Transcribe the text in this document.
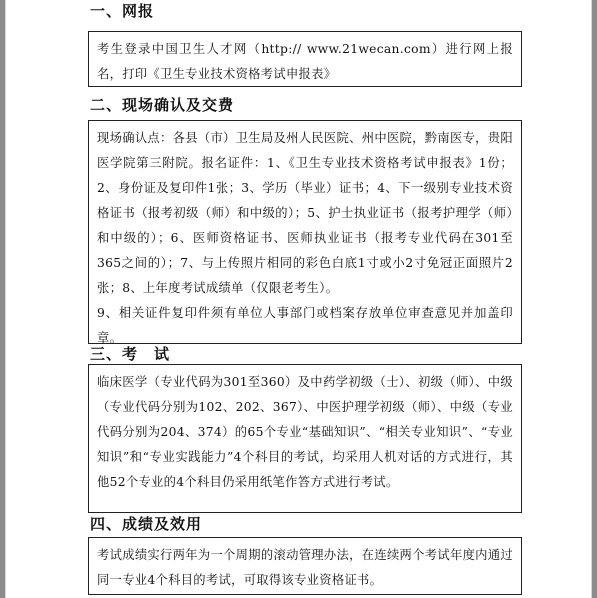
一、网报

考生登录中国卫生人才网（http:// www.21wecan.com）进行网上报名，打印《卫生专业技术资格考试申报表》

二、现场确认及交费

现场确认点：各县（市）卫生局及州人民医院、州中医院，黔南医专，贵阳医学院第三附院。报名证件：1、《卫生专业技术资格考试申报表》1份；2、身份证及复印件1张；3、学历（毕业）证书；4、下一级别专业技术资格证书（报考初级（师）和中级的）；5、护士执业证书（报考护理学（师）和中级的）；6、医师资格证书、医师执业证书（报考专业代码在301至365之间的）；7、与上传照片相同的彩色白底1寸或小2寸免冠正面照片2张；8、上年度考试成绩单（仅限老考生）。

9、相关证件复印件须有单位人事部门或档案存放单位审查意见并加盖印章。

三、考　试

临床医学（专业代码为301至360）及中药学初级（士）、初级（师）、中级（专业代码分别为102、202、367）、中医护理学初级（师）、中级（专业代码分别为204、374）的65个专业“基础知识”、“相关专业知识”、“专业知识”和“专业实践能力”4个科目的考试，均采用人机对话的方式进行，其他52个专业的4个科目仍采用纸笔作答方式进行考试。

四、成绩及效用

考试成绩实行两年为一个周期的滚动管理办法，在连续两个考试年度内通过同一专业4个科目的考试，可取得该专业资格证书。
